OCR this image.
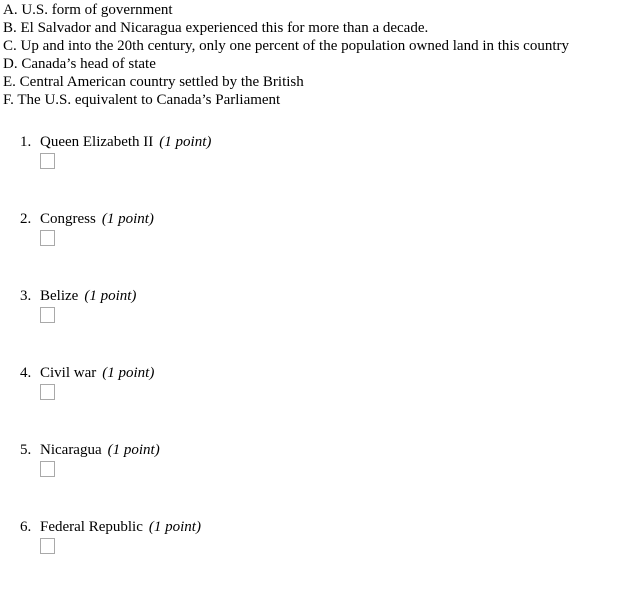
A. U.S. form of government
B. El Salvador and Nicaragua experienced this for more than a decade.
C. Up and into the 20th century, only one percent of the population owned land in this country
D. Canada’s head of state
E. Central American country settled by the British
F. The U.S. equivalent to Canada’s Parliament
1. Queen Elizabeth II (1 point)
2. Congress (1 point)
3. Belize (1 point)
4. Civil war (1 point)
5. Nicaragua (1 point)
6. Federal Republic (1 point)
